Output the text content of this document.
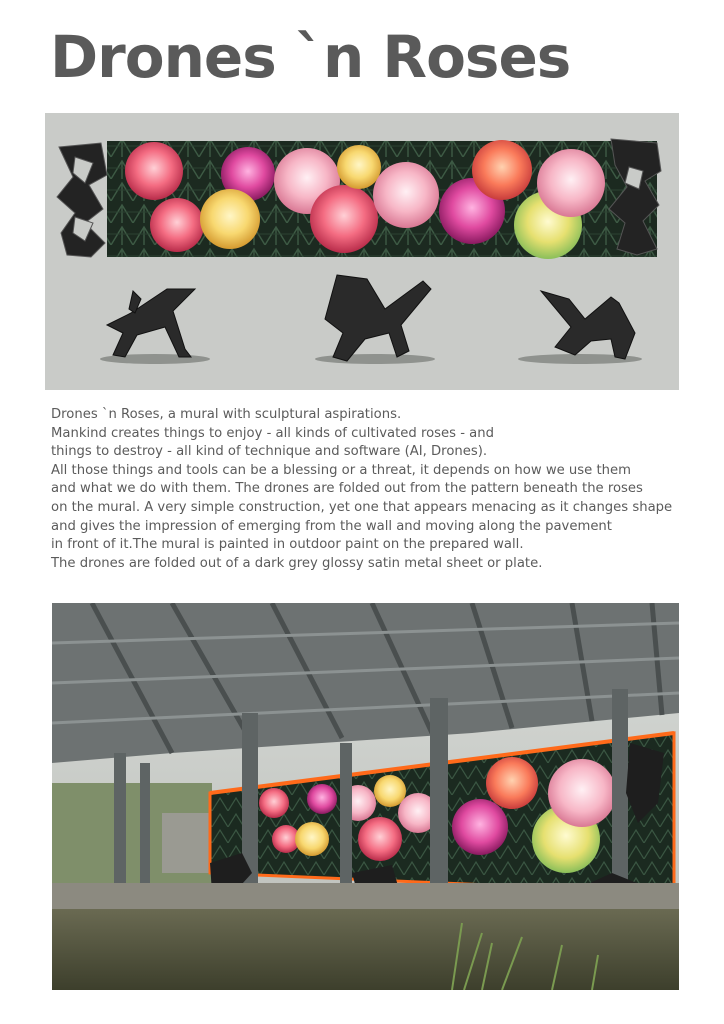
Drones `n Roses
Drones `n Roses, a mural with sculptural aspirations.
Mankind creates things to enjoy - all kinds of cultivated roses - and
things to destroy - all kind of technique and software (AI, Drones).
All those things and tools can be a blessing or a threat, it depends on how we use them
and what we do with them. The drones are folded out from the pattern beneath the roses
on the mural. A very simple construction, yet one that appears menacing as it changes shape
and gives the impression of emerging from the wall and moving along the pavement
in front of it.The mural is painted in outdoor paint on the prepared wall.
The drones are folded out of a dark grey glossy satin metal sheet or plate.
